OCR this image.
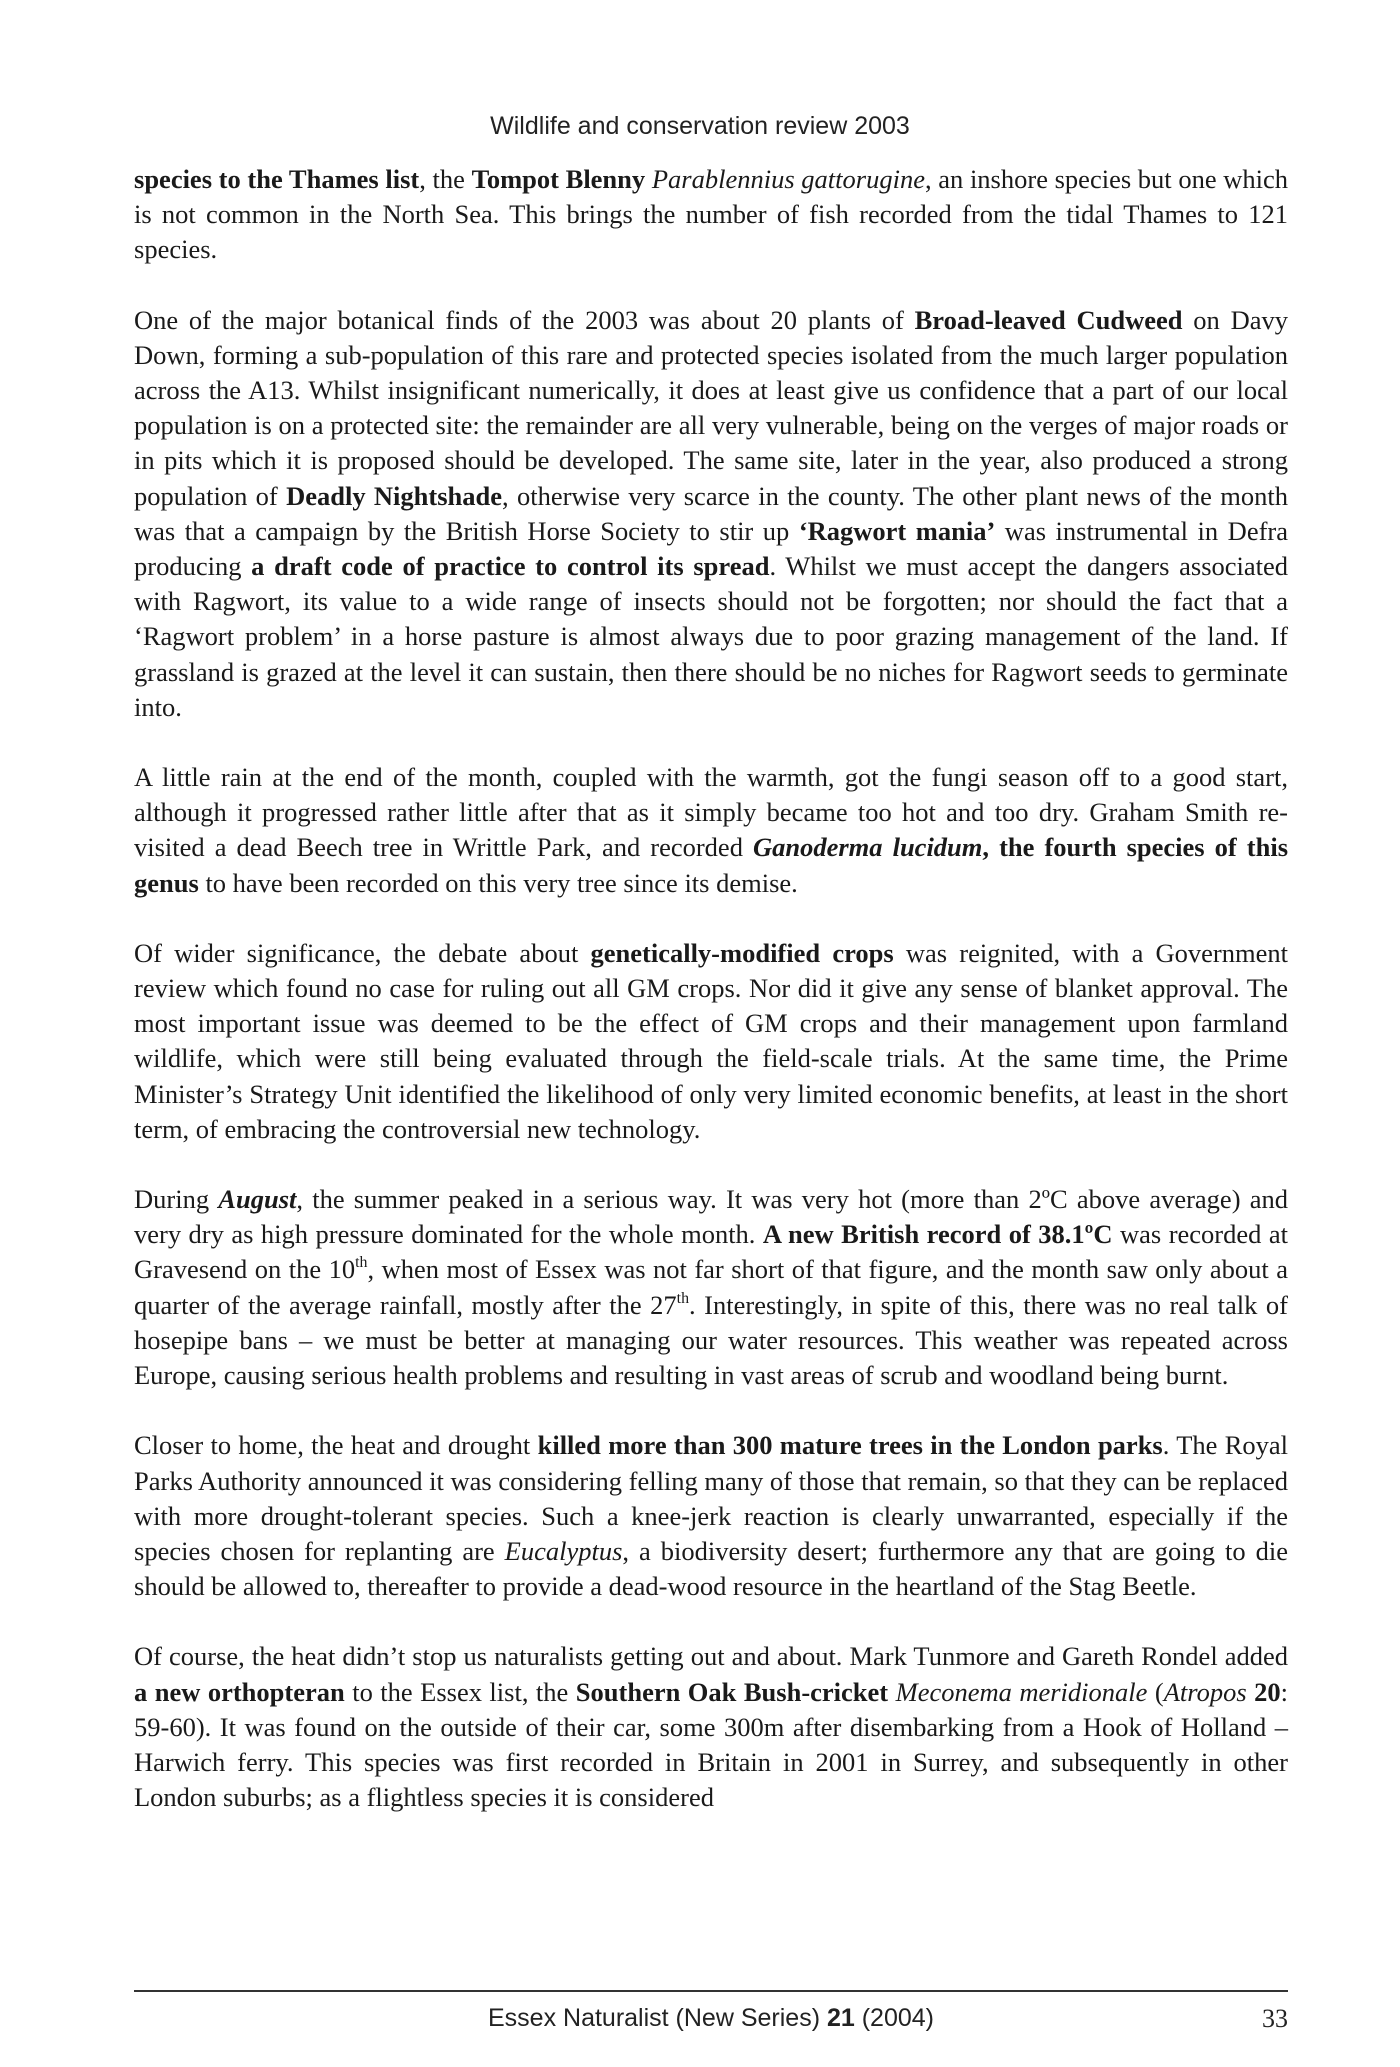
Wildlife and conservation review 2003

species to the Thames list, the Tompot Blenny Parablennius gattorugine, an inshore species but one which is not common in the North Sea. This brings the number of fish recorded from the tidal Thames to 121 species.

One of the major botanical finds of the 2003 was about 20 plants of Broad-leaved Cudweed on Davy Down, forming a sub-population of this rare and protected species isolated from the much larger population across the A13. Whilst insignificant numerically, it does at least give us confidence that a part of our local population is on a protected site: the remainder are all very vulnerable, being on the verges of major roads or in pits which it is proposed should be developed. The same site, later in the year, also produced a strong population of Deadly Nightshade, otherwise very scarce in the county. The other plant news of the month was that a campaign by the British Horse Society to stir up ‘Ragwort mania’ was instrumental in Defra producing a draft code of practice to control its spread. Whilst we must accept the dangers associated with Ragwort, its value to a wide range of insects should not be forgotten; nor should the fact that a ‘Ragwort problem’ in a horse pasture is almost always due to poor grazing management of the land. If grassland is grazed at the level it can sustain, then there should be no niches for Ragwort seeds to germinate into.

A little rain at the end of the month, coupled with the warmth, got the fungi season off to a good start, although it progressed rather little after that as it simply became too hot and too dry. Graham Smith re-visited a dead Beech tree in Writtle Park, and recorded Ganoderma lucidum, the fourth species of this genus to have been recorded on this very tree since its demise.

Of wider significance, the debate about genetically-modified crops was reignited, with a Government review which found no case for ruling out all GM crops. Nor did it give any sense of blanket approval. The most important issue was deemed to be the effect of GM crops and their management upon farmland wildlife, which were still being evaluated through the field-scale trials. At the same time, the Prime Minister’s Strategy Unit identified the likelihood of only very limited economic benefits, at least in the short term, of embracing the controversial new technology.

During August, the summer peaked in a serious way. It was very hot (more than 2ºC above average) and very dry as high pressure dominated for the whole month. A new British record of 38.1ºC was recorded at Gravesend on the 10th, when most of Essex was not far short of that figure, and the month saw only about a quarter of the average rainfall, mostly after the 27th. Interestingly, in spite of this, there was no real talk of hosepipe bans – we must be better at managing our water resources. This weather was repeated across Europe, causing serious health problems and resulting in vast areas of scrub and woodland being burnt.

Closer to home, the heat and drought killed more than 300 mature trees in the London parks. The Royal Parks Authority announced it was considering felling many of those that remain, so that they can be replaced with more drought-tolerant species. Such a knee-jerk reaction is clearly unwarranted, especially if the species chosen for replanting are Eucalyptus, a biodiversity desert; furthermore any that are going to die should be allowed to, thereafter to provide a dead-wood resource in the heartland of the Stag Beetle.

Of course, the heat didn’t stop us naturalists getting out and about. Mark Tunmore and Gareth Rondel added a new orthopteran to the Essex list, the Southern Oak Bush-cricket Meconema meridionale (Atropos 20: 59-60). It was found on the outside of their car, some 300m after disembarking from a Hook of Holland – Harwich ferry. This species was first recorded in Britain in 2001 in Surrey, and subsequently in other London suburbs; as a flightless species it is considered

Essex Naturalist (New Series) 21 (2004)	33
